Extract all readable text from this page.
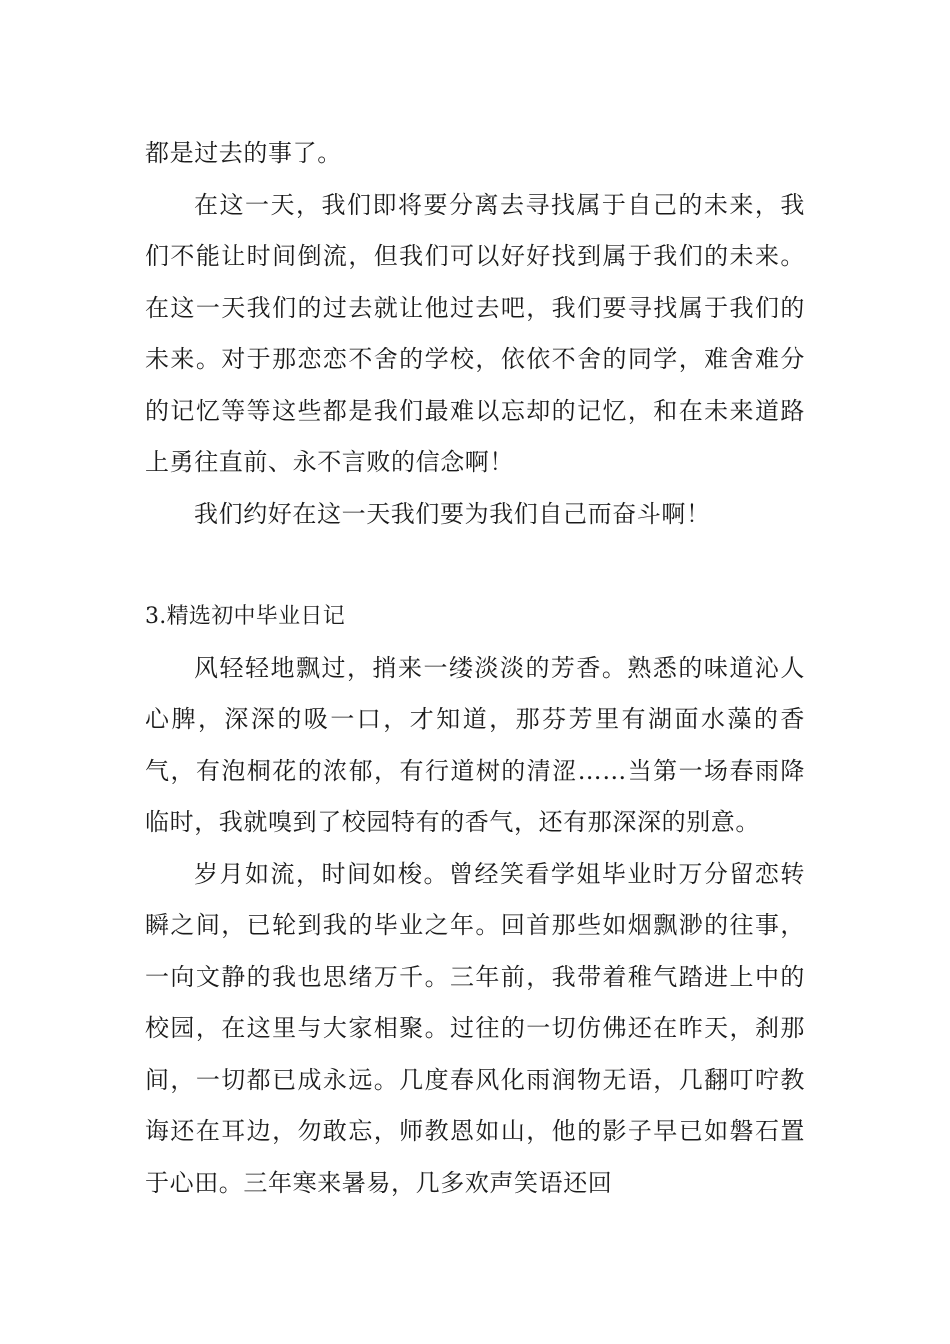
都是过去的事了。

在这一天，我们即将要分离去寻找属于自己的未来，我们不能让时间倒流，但我们可以好好找到属于我们的未来。在这一天我们的过去就让他过去吧，我们要寻找属于我们的未来。对于那恋恋不舍的学校，依依不舍的同学，难舍难分的记忆等等这些都是我们最难以忘却的记忆，和在未来道路上勇往直前、永不言败的信念啊！

我们约好在这一天我们要为我们自己而奋斗啊！

3.精选初中毕业日记

风轻轻地飘过，捎来一缕淡淡的芳香。熟悉的味道沁人心脾，深深的吸一口，才知道，那芬芳里有湖面水藻的香气，有泡桐花的浓郁，有行道树的清涩……当第一场春雨降临时，我就嗅到了校园特有的香气，还有那深深的别意。

岁月如流，时间如梭。曾经笑看学姐毕业时万分留恋转瞬之间，已轮到我的毕业之年。回首那些如烟飘渺的往事，一向文静的我也思绪万千。三年前，我带着稚气踏进上中的校园，在这里与大家相聚。过往的一切仿佛还在昨天，刹那间，一切都已成永远。几度春风化雨润物无语，几翻叮咛教诲还在耳边，勿敢忘，师教恩如山，他的影子早已如磐石置于心田。三年寒来暑易，几多欢声笑语还回
